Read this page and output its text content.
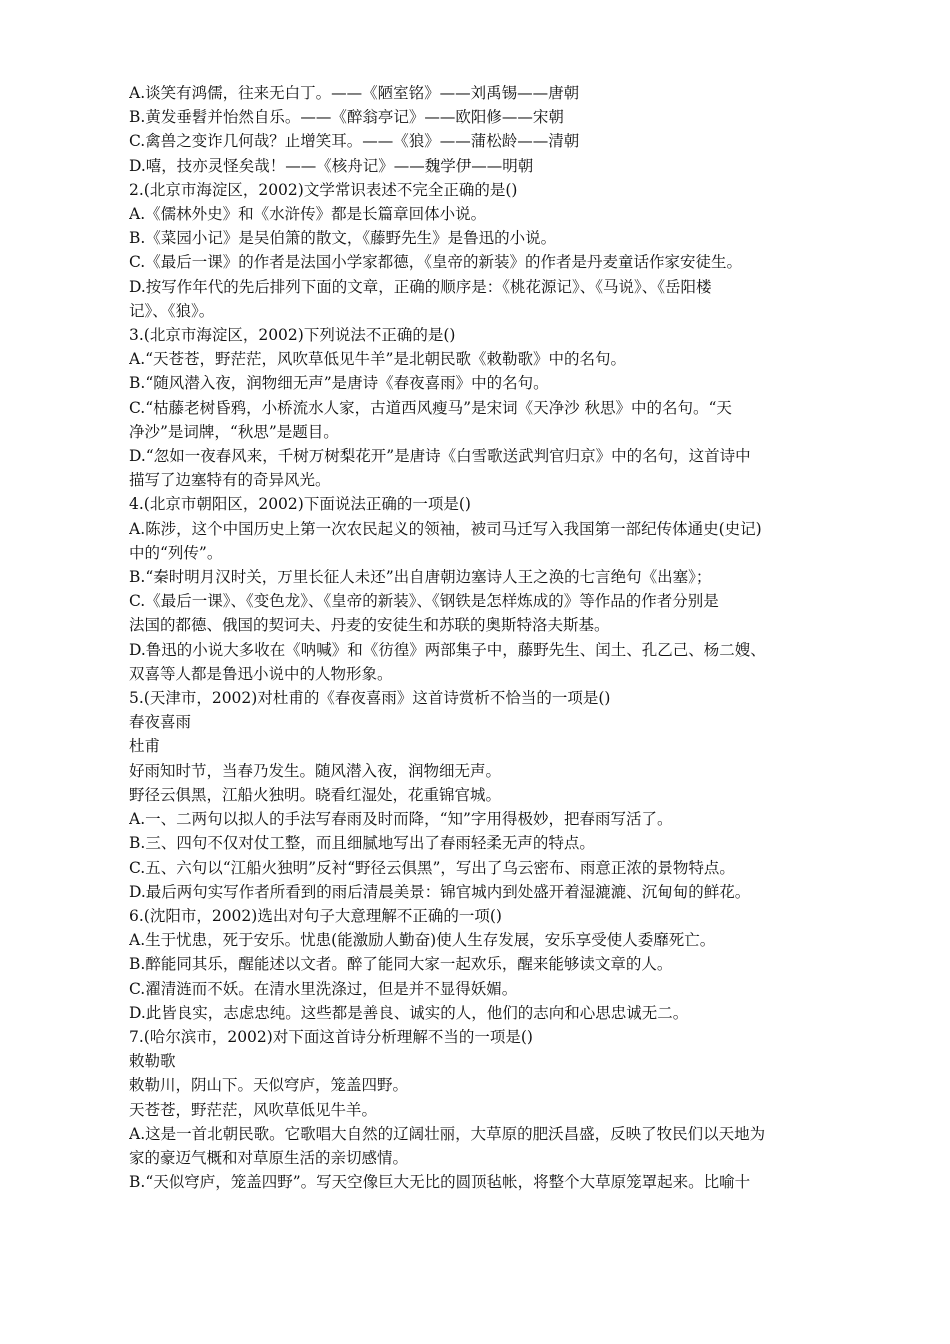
A.谈笑有鸿儒，往来无白丁。——《陋室铭》——刘禹锡——唐朝
B.黄发垂髫并怡然自乐。——《醉翁亭记》——欧阳修——宋朝
C.禽兽之变诈几何哉？止增笑耳。——《狼》——蒲松龄——清朝
D.嘻，技亦灵怪矣哉！——《核舟记》——魏学伊——明朝
2.(北京市海淀区，2002)文学常识表述不完全正确的是()
A.《儒林外史》和《水浒传》都是长篇章回体小说。
B.《菜园小记》是吴伯箫的散文，《藤野先生》是鲁迅的小说。
C.《最后一课》的作者是法国小学家都德，《皇帝的新装》的作者是丹麦童话作家安徒生。
D.按写作年代的先后排列下面的文章，正确的顺序是：《桃花源记》、《马说》、《岳阳楼
记》、《狼》。
3.(北京市海淀区，2002)下列说法不正确的是()
A.“天苍苍，野茫茫，风吹草低见牛羊”是北朝民歌《敕勒歌》中的名句。
B.“随风潜入夜，润物细无声”是唐诗《春夜喜雨》中的名句。
C.“枯藤老树昏鸦，小桥流水人家，古道西风瘦马”是宋词《天净沙 秋思》中的名句。“天
净沙”是词牌，“秋思”是题目。
D.“忽如一夜春风来，千树万树梨花开”是唐诗《白雪歌送武判官归京》中的名句，这首诗中
描写了边塞特有的奇异风光。
4.(北京市朝阳区，2002)下面说法正确的一项是()
A.陈涉，这个中国历史上第一次农民起义的领袖，被司马迁写入我国第一部纪传体通史(史记)
中的“列传”。
B.“秦时明月汉时关，万里长征人未还”出自唐朝边塞诗人王之涣的七言绝句《出塞》；
C.《最后一课》、《变色龙》、《皇帝的新装》、《钢铁是怎样炼成的》等作品的作者分别是
法国的都德、俄国的契诃夫、丹麦的安徒生和苏联的奥斯特洛夫斯基。
D.鲁迅的小说大多收在《呐喊》和《彷徨》两部集子中，藤野先生、闰土、孔乙己、杨二嫂、
双喜等人都是鲁迅小说中的人物形象。
5.(天津市，2002)对杜甫的《春夜喜雨》这首诗赏析不恰当的一项是()
春夜喜雨
杜甫
好雨知时节，当春乃发生。随风潜入夜，润物细无声。
野径云俱黑，江船火独明。晓看红湿处，花重锦官城。
A.一、二两句以拟人的手法写春雨及时而降，“知”字用得极妙，把春雨写活了。
B.三、四句不仅对仗工整，而且细腻地写出了春雨轻柔无声的特点。
C.五、六句以“江船火独明”反衬“野径云俱黑”，写出了乌云密布、雨意正浓的景物特点。
D.最后两句实写作者所看到的雨后清晨美景：锦官城内到处盛开着湿漉漉、沉甸甸的鲜花。
6.(沈阳市，2002)选出对句子大意理解不正确的一项()
A.生于忧患，死于安乐。忧患(能激励人勤奋)使人生存发展，安乐享受使人委靡死亡。
B.醉能同其乐，醒能述以文者。醉了能同大家一起欢乐，醒来能够读文章的人。
C.濯清涟而不妖。在清水里洗涤过，但是并不显得妖媚。
D.此皆良实，志虑忠纯。这些都是善良、诚实的人，他们的志向和心思忠诚无二。
7.(哈尔滨市，2002)对下面这首诗分析理解不当的一项是()
敕勒歌
敕勒川，阴山下。天似穹庐，笼盖四野。
天苍苍，野茫茫，风吹草低见牛羊。
A.这是一首北朝民歌。它歌唱大自然的辽阔壮丽，大草原的肥沃昌盛，反映了牧民们以天地为
家的豪迈气概和对草原生活的亲切感情。
B.“天似穹庐，笼盖四野”。写天空像巨大无比的圆顶毡帐，将整个大草原笼罩起来。比喻十
